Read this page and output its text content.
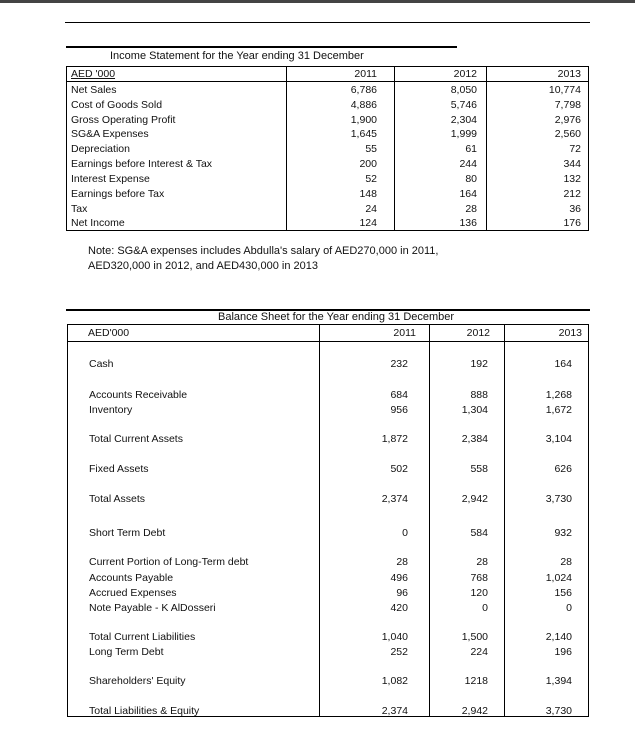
Income Statement for the Year ending 31 December
AED '000	2011	2012	2013
Net Sales	6,786	8,050	10,774
Cost of Goods Sold	4,886	5,746	7,798
Gross Operating Profit	1,900	2,304	2,976
SG&A Expenses	1,645	1,999	2,560
Depreciation	55	61	72
Earnings before Interest & Tax	200	244	344
Interest Expense	52	80	132
Earnings before Tax	148	164	212
Tax	24	28	36
Net Income	124	136	176
Note: SG&A expenses includes Abdulla's salary of AED270,000 in 2011, AED320,000 in 2012, and AED430,000 in 2013
Balance Sheet for the Year ending 31 December
AED'000	2011	2012	2013
Cash	232	192	164
Accounts Receivable	684	888	1,268
Inventory	956	1,304	1,672
Total Current Assets	1,872	2,384	3,104
Fixed Assets	502	558	626
Total Assets	2,374	2,942	3,730
Short Term Debt	0	584	932
Current Portion of Long-Term debt	28	28	28
Accounts Payable	496	768	1,024
Accrued Expenses	96	120	156
Note Payable - K AlDosseri	420	0	0
Total Current Liabilities	1,040	1,500	2,140
Long Term Debt	252	224	196
Shareholders' Equity	1,082	1218	1,394
Total Liabilities & Equity	2,374	2,942	3,730
